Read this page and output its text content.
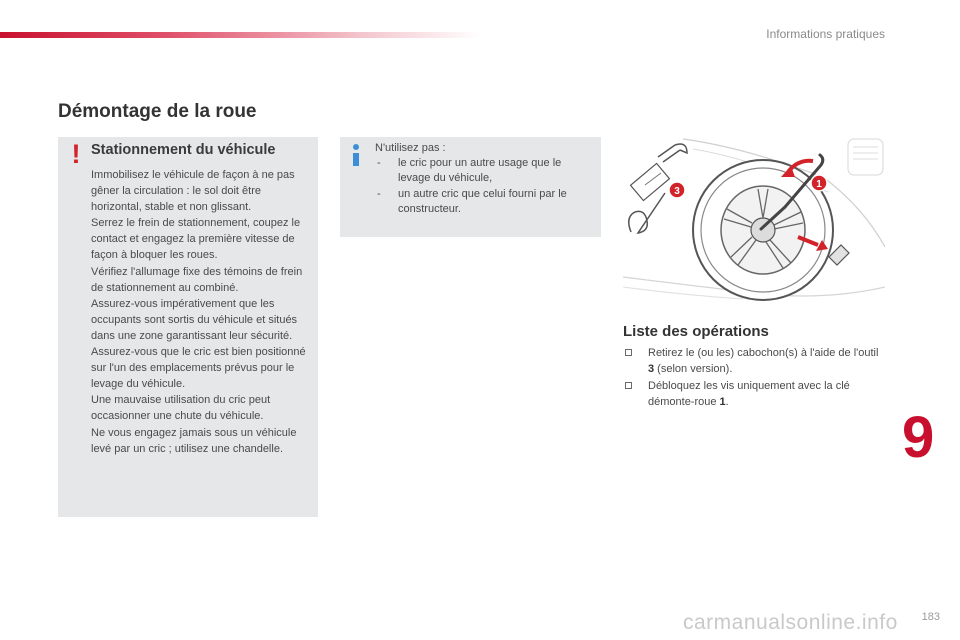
Informations pratiques
Démontage de la roue
! Stationnement du véhicule

Immobilisez le véhicule de façon à ne pas gêner la circulation : le sol doit être horizontal, stable et non glissant.

Serrez le frein de stationnement, coupez le contact et engagez la première vitesse de façon à bloquer les roues.

Vérifiez l'allumage fixe des témoins de frein de stationnement au combiné.

Assurez-vous impérativement que les occupants sont sortis du véhicule et situés dans une zone garantissant leur sécurité.

Assurez-vous que le cric est bien positionné sur l'un des emplacements prévus pour le levage du véhicule.

Une mauvaise utilisation du cric peut occasionner une chute du véhicule.

Ne vous engagez jamais sous un véhicule levé par un cric ; utilisez une chandelle.

N'utilisez pas :
- le cric pour un autre usage que le levage du véhicule,
- un autre cric que celui fourni par le constructeur.
1
3
Liste des opérations
Retirez le (ou les) cabochon(s) à l'aide de l'outil 3 (selon version).
Débloquez les vis uniquement avec la clé démonte-roue 1.
9
carmanualsonline.info 183
